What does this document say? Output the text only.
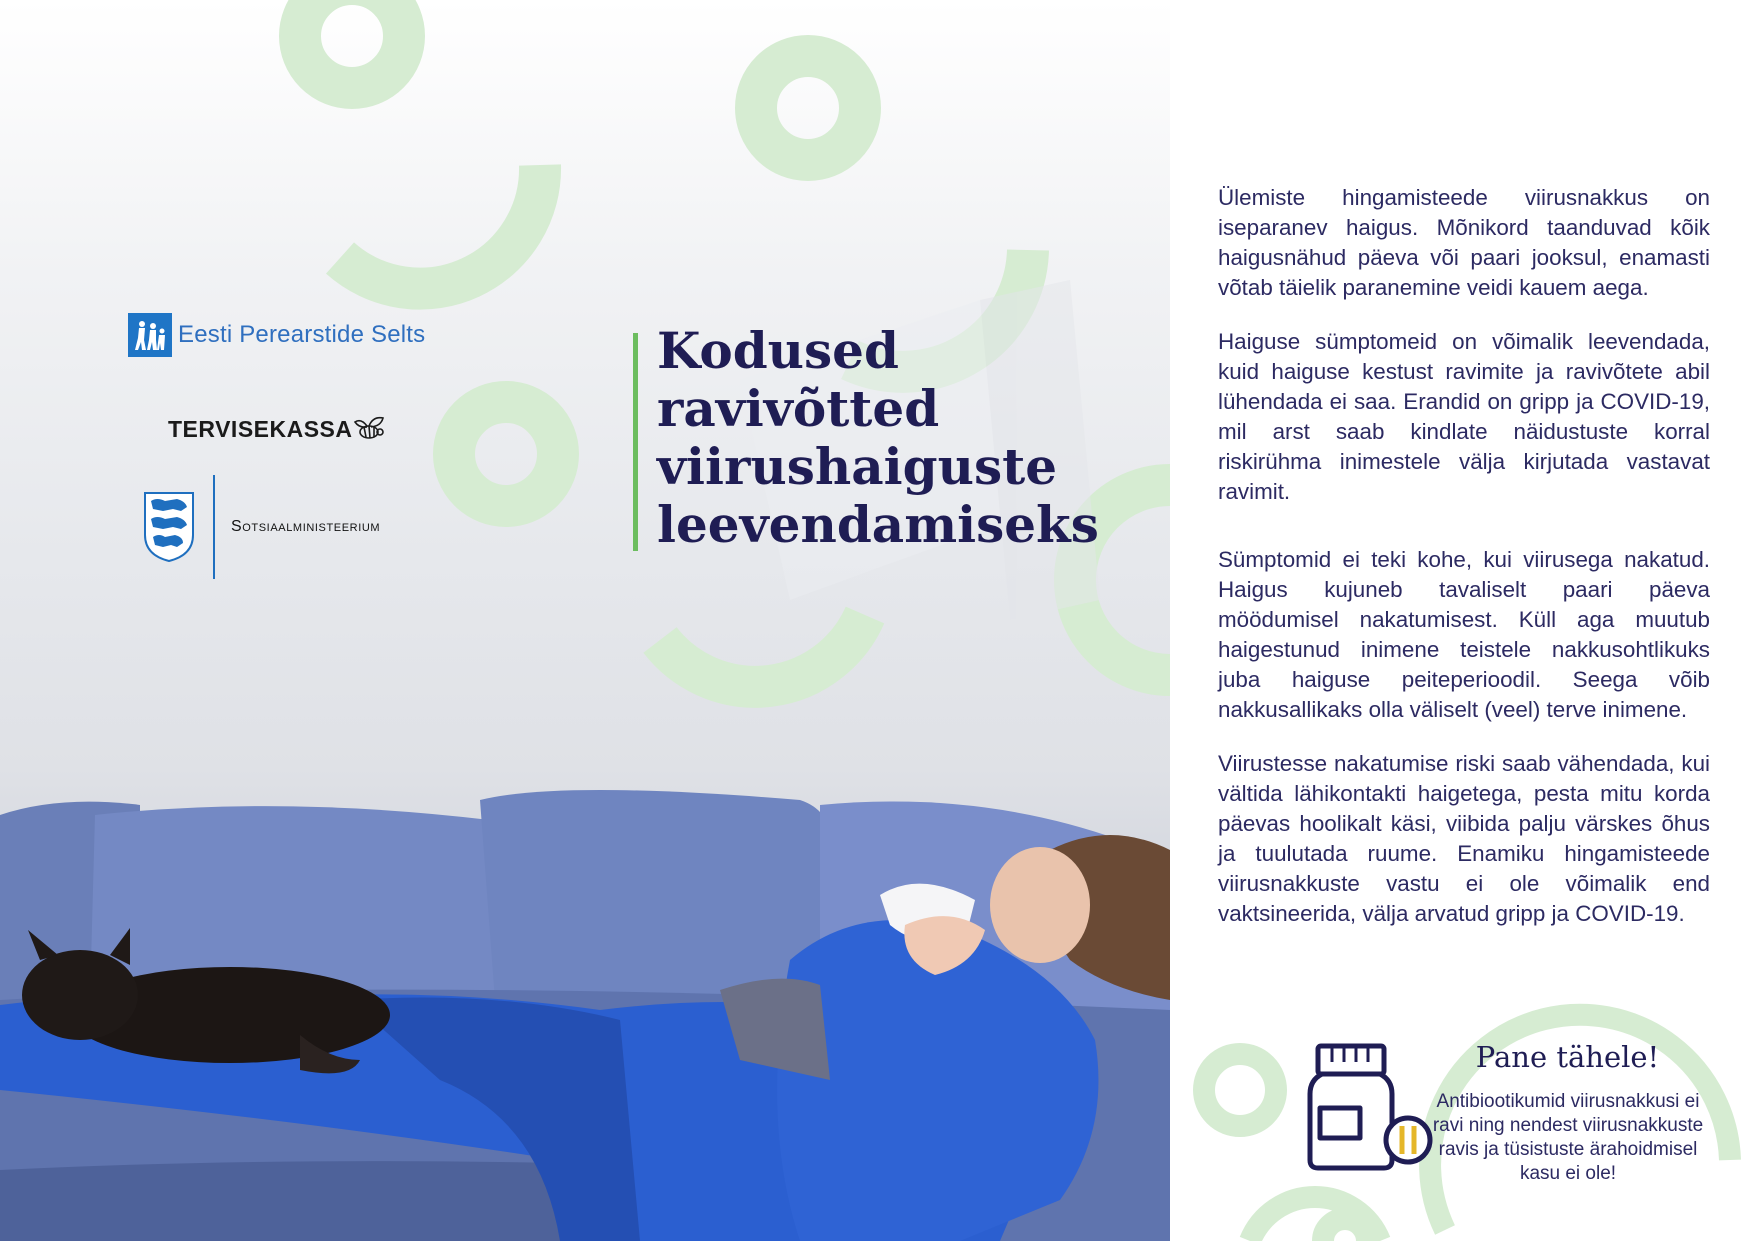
Eesti Perearstide Selts
TERVISEKASSA
Sotsiaalministeerium
Kodused
ravivõtted
viirushaiguste
leevendamiseks

Ülemiste hingamisteede viirusnakkus on iseparanev haigus. Mõnikord taanduvad kõik haigusnähud päeva või paari jooksul, enamasti võtab täielik paranemine veidi kauem aega.

Haiguse sümptomeid on võimalik leevendada, kuid haiguse kestust ravimite ja ravivõtete abil lühendada ei saa. Erandid on gripp ja COVID-19, mil arst saab kindlate näidustuste korral riskirühma inimestele välja kirjutada vastavat ravimit.

Sümptomid ei teki kohe, kui viirusega nakatud. Haigus kujuneb tavaliselt paari päeva möödumisel nakatumisest. Küll aga muutub haigestunud inimene teistele nakkusohtlikuks juba haiguse peiteperioodil. Seega võib nakkusallikaks olla väliselt (veel) terve inimene.

Viirustesse nakatumise riski saab vähendada, kui vältida lähikontakti haigetega, pesta mitu korda päevas hoolikalt käsi, viibida palju värskes õhus ja tuulutada ruume. Enamiku hingamisteede viirusnakkuste vastu ei ole võimalik end vaktsineerida, välja arvatud gripp ja COVID-19.

Pane tähele!

Antibiootikumid viirusnakkusi ei ravi ning nendest viirusnakkuste ravis ja tüsistuste ärahoidmisel kasu ei ole!
